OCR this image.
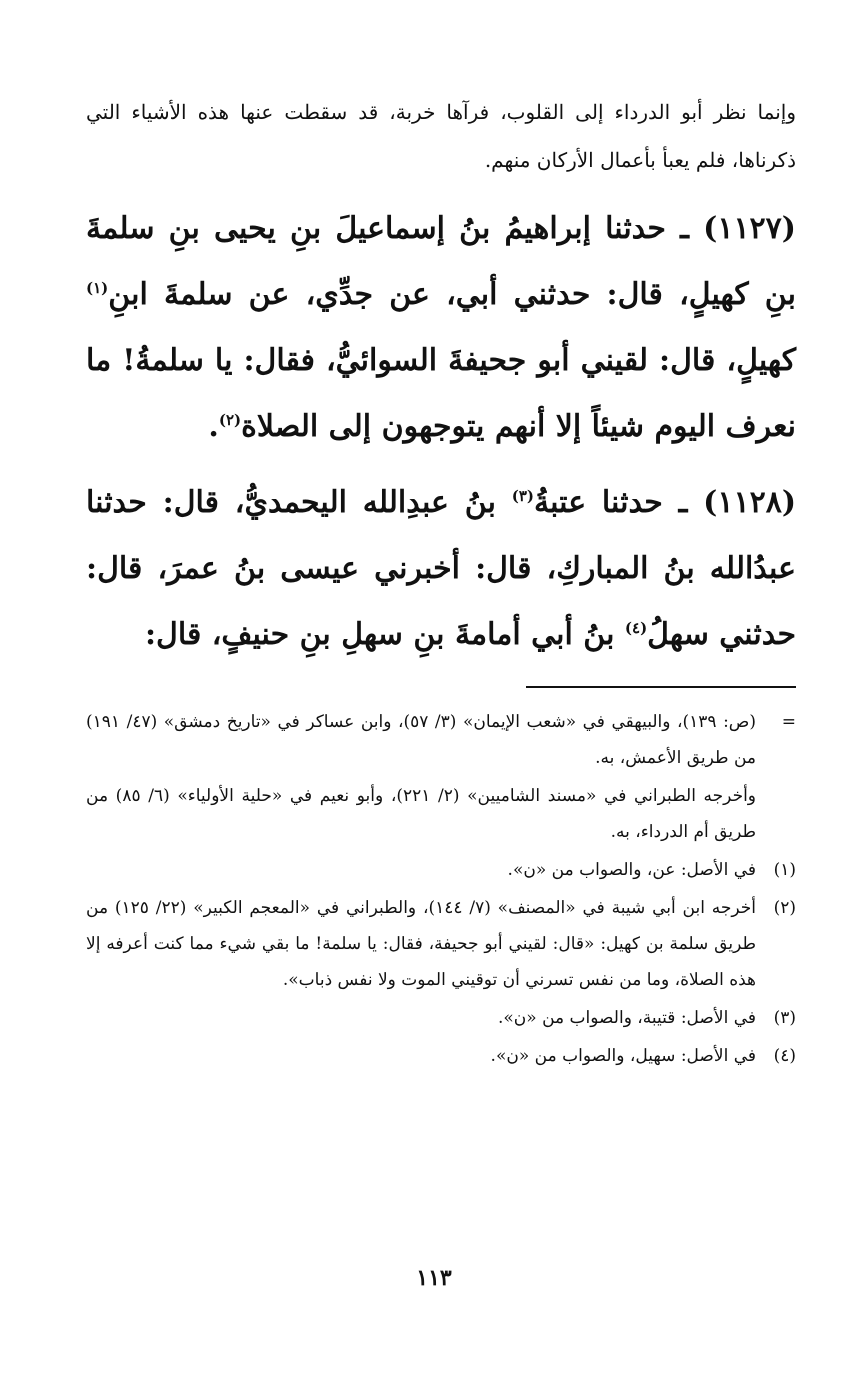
وإنما نظر أبو الدرداء إلى القلوب، فرآها خربة، قد سقطت عنها هذه الأشياء التي ذكرناها، فلم يعبأ بأعمال الأركان منهم.

(١١٢٧) ـ حدثنا إبراهيمُ بنُ إسماعيلَ بنِ يحيى بنِ سلمةَ بنِ كهيلٍ، قال: حدثني أبي، عن جدِّي، عن سلمةَ ابنِ$^{(١)}$ كهيلٍ، قال: لقيني أبو جحيفةَ السوائيُّ، فقال: يا سلمةُ! ما نعرف اليوم شيئاً إلا أنهم يتوجهون إلى الصلاة$^{(٢)}$.

(١١٢٨) ـ حدثنا عتبةُ$^{(٣)}$ بنُ عبدِالله اليحمديُّ، قال: حدثنا عبدُالله بنُ المباركِ، قال: أخبرني عيسى بنُ عمرَ، قال: حدثني سهلُ$^{(٤)}$ بنُ أبي أمامةَ بنِ سهلِ بنِ حنيفٍ، قال:

=
(ص: ١٣٩)، والبيهقي في «شعب الإيمان» (٣/ ٥٧)، وابن عساكر في «تاريخ دمشق» (٤٧/ ١٩١) من طريق الأعمش، به.

وأخرجه الطبراني في «مسند الشاميين» (٢/ ٢٢١)، وأبو نعيم في «حلية الأولياء» (٦/ ٨٥) من طريق أم الدرداء، به.

(١)
في الأصل: عن، والصواب من «ن».

(٢)
أخرجه ابن أبي شيبة في «المصنف» (٧/ ١٤٤)، والطبراني في «المعجم الكبير» (٢٢/ ١٢٥) من طريق سلمة بن كهيل: «قال: لقيني أبو جحيفة، فقال: يا سلمة! ما بقي شيء مما كنت أعرفه إلا هذه الصلاة، وما من نفس تسرني أن توقيني الموت ولا نفس ذباب».

(٣)
في الأصل: قتيبة، والصواب من «ن».

(٤)
في الأصل: سهيل، والصواب من «ن».

١١٣
